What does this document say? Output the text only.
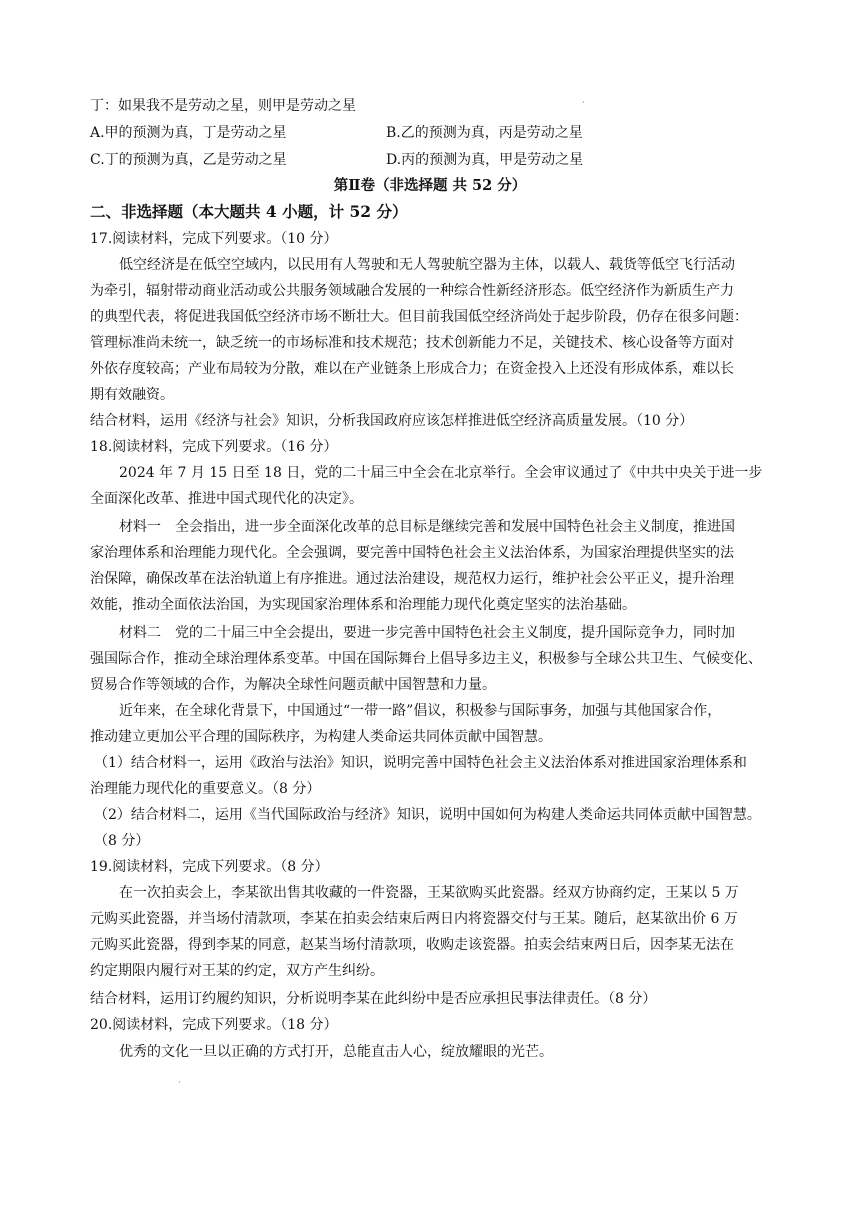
·
·
丁：如果我不是劳动之星，则甲是劳动之星
A.甲的预测为真，丁是劳动之星	B.乙的预测为真，丙是劳动之星
C.丁的预测为真，乙是劳动之星	D.丙的预测为真，甲是劳动之星
第Ⅱ卷（非选择题 共 52 分）
二、非选择题（本大题共 4 小题，计 52 分）
17.阅读材料，完成下列要求。（10 分）
低空经济是在低空空域内，以民用有人驾驶和无人驾驶航空器为主体，以载人、载货等低空飞行活动
为牵引，辐射带动商业活动或公共服务领域融合发展的一种综合性新经济形态。低空经济作为新质生产力
的典型代表，将促进我国低空经济市场不断壮大。但目前我国低空经济尚处于起步阶段，仍存在很多问题：
管理标准尚未统一，缺乏统一的市场标准和技术规范；技术创新能力不足，关键技术、核心设备等方面对
外依存度较高；产业布局较为分散，难以在产业链条上形成合力；在资金投入上还没有形成体系，难以长
期有效融资。
结合材料，运用《经济与社会》知识，分析我国政府应该怎样推进低空经济高质量发展。（10 分）
18.阅读材料，完成下列要求。（16 分）
2024 年 7 月 15 日至 18 日，党的二十届三中全会在北京举行。全会审议通过了《中共中央关于进一步
全面深化改革、推进中国式现代化的决定》。
材料一　全会指出，进一步全面深化改革的总目标是继续完善和发展中国特色社会主义制度，推进国
家治理体系和治理能力现代化。全会强调，要完善中国特色社会主义法治体系，为国家治理提供坚实的法
治保障，确保改革在法治轨道上有序推进。通过法治建设，规范权力运行，维护社会公平正义，提升治理
效能，推动全面依法治国，为实现国家治理体系和治理能力现代化奠定坚实的法治基础。
材料二　党的二十届三中全会提出，要进一步完善中国特色社会主义制度，提升国际竞争力，同时加
强国际合作，推动全球治理体系变革。中国在国际舞台上倡导多边主义，积极参与全球公共卫生、气候变化、
贸易合作等领域的合作，为解决全球性问题贡献中国智慧和力量。
近年来，在全球化背景下，中国通过“一带一路”倡议，积极参与国际事务，加强与其他国家合作，
推动建立更加公平合理的国际秩序，为构建人类命运共同体贡献中国智慧。
（1）结合材料一，运用《政治与法治》知识，说明完善中国特色社会主义法治体系对推进国家治理体系和
治理能力现代化的重要意义。（8 分）
（2）结合材料二，运用《当代国际政治与经济》知识，说明中国如何为构建人类命运共同体贡献中国智慧。
（8 分）
19.阅读材料，完成下列要求。（8 分）
在一次拍卖会上，李某欲出售其收藏的一件瓷器，王某欲购买此瓷器。经双方协商约定，王某以 5 万
元购买此瓷器，并当场付清款项，李某在拍卖会结束后两日内将瓷器交付与王某。随后，赵某欲出价 6 万
元购买此瓷器，得到李某的同意，赵某当场付清款项，收购走该瓷器。拍卖会结束两日后，因李某无法在
约定期限内履行对王某的约定，双方产生纠纷。
结合材料，运用订约履约知识，分析说明李某在此纠纷中是否应承担民事法律责任。（8 分）
20.阅读材料，完成下列要求。（18 分）
优秀的文化一旦以正确的方式打开，总能直击人心，绽放耀眼的光芒。
